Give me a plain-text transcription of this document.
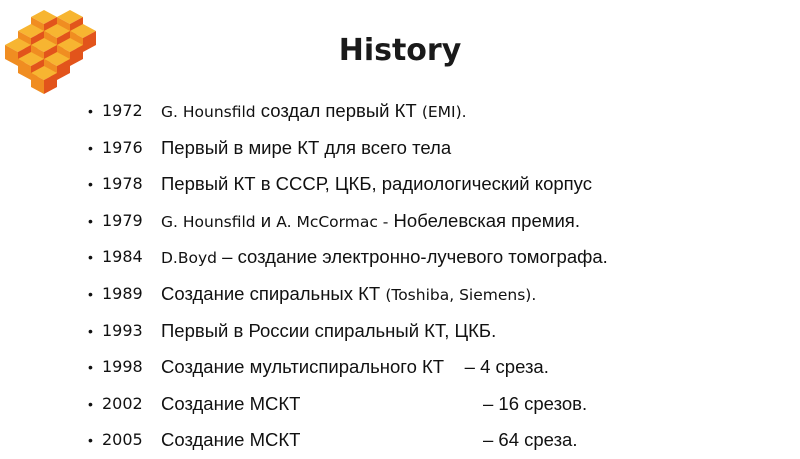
History
• 1972 G. Hounsfild создал первый КТ (EMI).
• 1976 Первый в мире КТ для всего тела
• 1978 Первый КТ в СССР, ЦКБ, радиологический корпус
• 1979 G. Hounsfild и A. McCormac - Нобелевская премия.
• 1984 D.Boyd – создание электронно-лучевого томографа.
• 1989 Создание спиральных КТ (Toshiba, Siemens).
• 1993 Первый в России спиральный КТ, ЦКБ.
• 1998 Создание мультиспирального КТ    – 4 среза.
• 2002 Создание МСКТ	– 16 срезов.
• 2005 Создание МСКТ	– 64 среза.
